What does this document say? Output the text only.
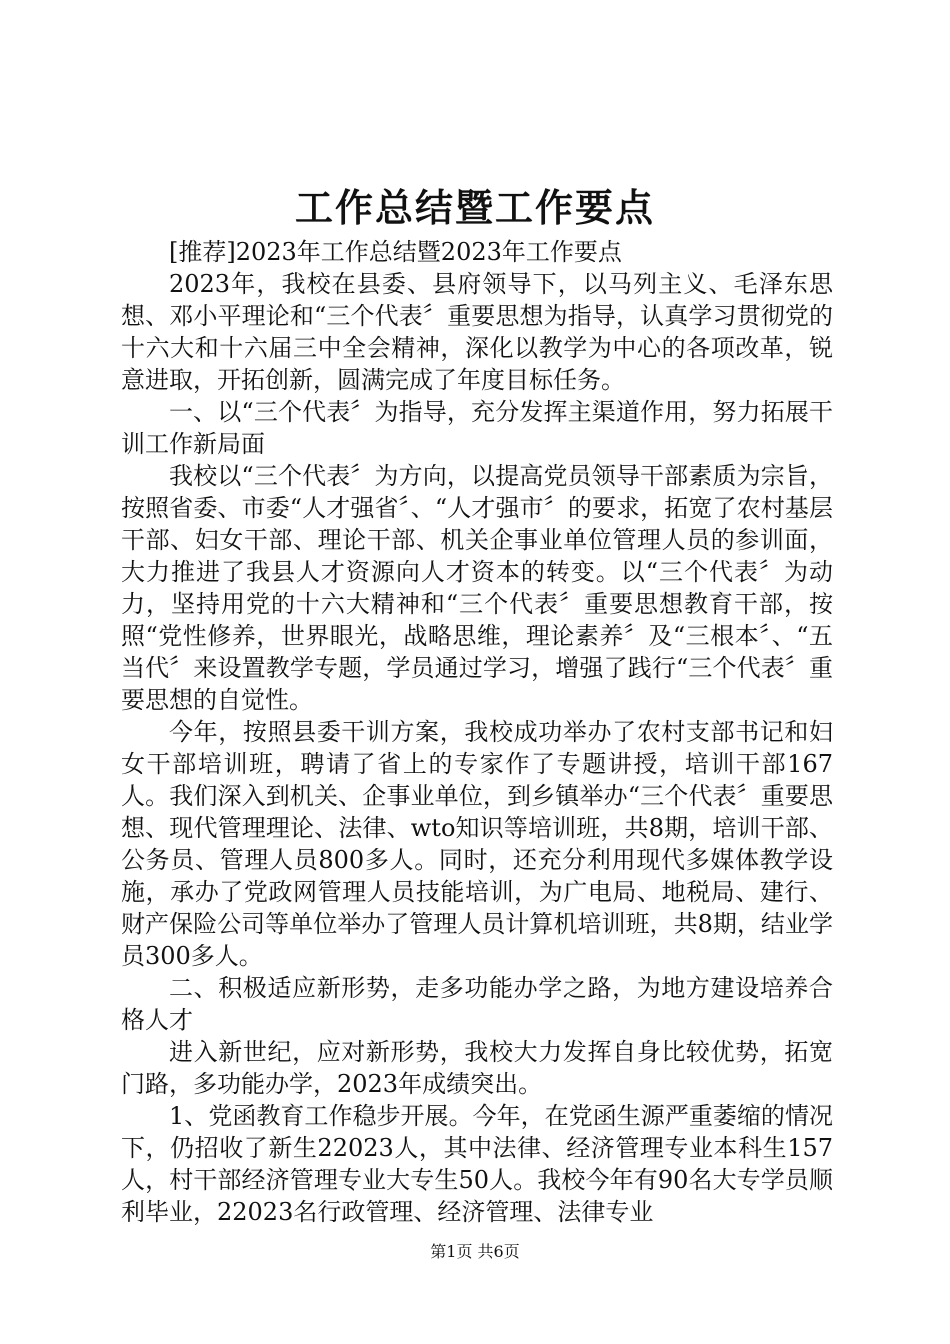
工作总结暨工作要点

[推荐]2023年工作总结暨2023年工作要点

2023年，我校在县委、县府领导下，以马列主义、毛泽东思想、邓小平理论和“三个代表〞重要思想为指导，认真学习贯彻党的十六大和十六届三中全会精神，深化以教学为中心的各项改革，锐意进取，开拓创新，圆满完成了年度目标任务。

一、以“三个代表〞为指导，充分发挥主渠道作用，努力拓展干训工作新局面

我校以“三个代表〞为方向，以提高党员领导干部素质为宗旨，按照省委、市委“人才强省〞、“人才强市〞的要求，拓宽了农村基层干部、妇女干部、理论干部、机关企事业单位管理人员的参训面，大力推进了我县人才资源向人才资本的转变。以“三个代表〞为动力，坚持用党的十六大精神和“三个代表〞重要思想教育干部，按照“党性修养，世界眼光，战略思维，理论素养〞及“三根本〞、“五当代〞来设置教学专题，学员通过学习，增强了践行“三个代表〞重要思想的自觉性。

今年，按照县委干训方案，我校成功举办了农村支部书记和妇女干部培训班，聘请了省上的专家作了专题讲授，培训干部167人。我们深入到机关、企事业单位，到乡镇举办“三个代表〞重要思想、现代管理理论、法律、wto知识等培训班，共8期，培训干部、公务员、管理人员800多人。同时，还充分利用现代多媒体教学设施，承办了党政网管理人员技能培训，为广电局、地税局、建行、财产保险公司等单位举办了管理人员计算机培训班，共8期，结业学员300多人。

二、积极适应新形势，走多功能办学之路，为地方建设培养合格人才

进入新世纪，应对新形势，我校大力发挥自身比较优势，拓宽门路，多功能办学，2023年成绩突出。

1、党函教育工作稳步开展。今年，在党函生源严重萎缩的情况下，仍招收了新生22023人，其中法律、经济管理专业本科生157人，村干部经济管理专业大专生50人。我校今年有90名大专学员顺利毕业，22023名行政管理、经济管理、法律专业

第1页 共6页
